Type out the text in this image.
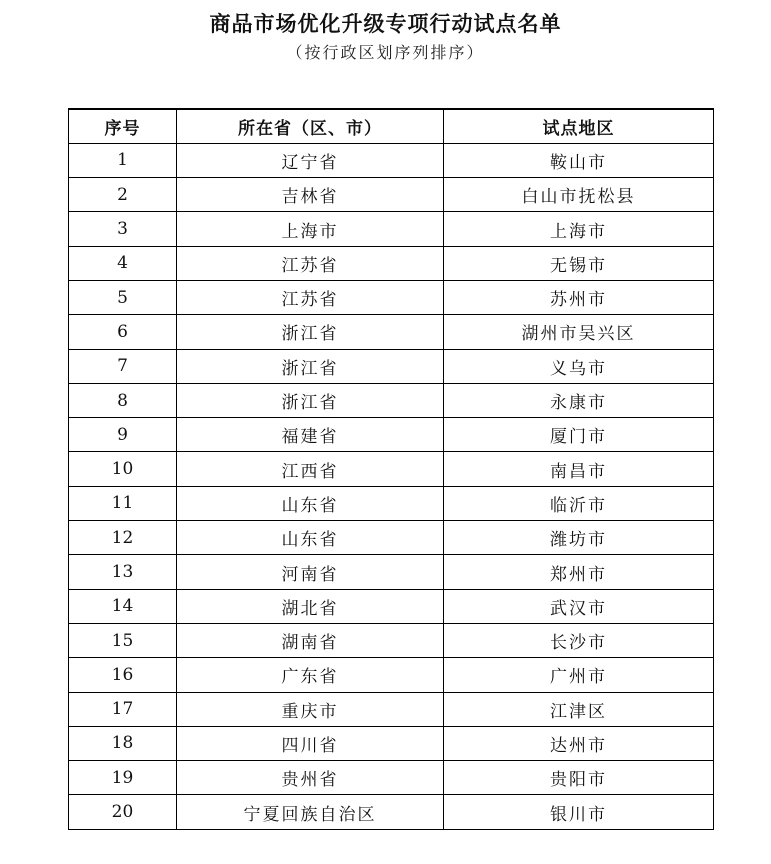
商品市场优化升级专项行动试点名单
（按行政区划序列排序）
序号	所在省（区、市）	试点地区
1	辽宁省	鞍山市
2	吉林省	白山市抚松县
3	上海市	上海市
4	江苏省	无锡市
5	江苏省	苏州市
6	浙江省	湖州市吴兴区
7	浙江省	义乌市
8	浙江省	永康市
9	福建省	厦门市
10	江西省	南昌市
11	山东省	临沂市
12	山东省	潍坊市
13	河南省	郑州市
14	湖北省	武汉市
15	湖南省	长沙市
16	广东省	广州市
17	重庆市	江津区
18	四川省	达州市
19	贵州省	贵阳市
20	宁夏回族自治区	银川市
